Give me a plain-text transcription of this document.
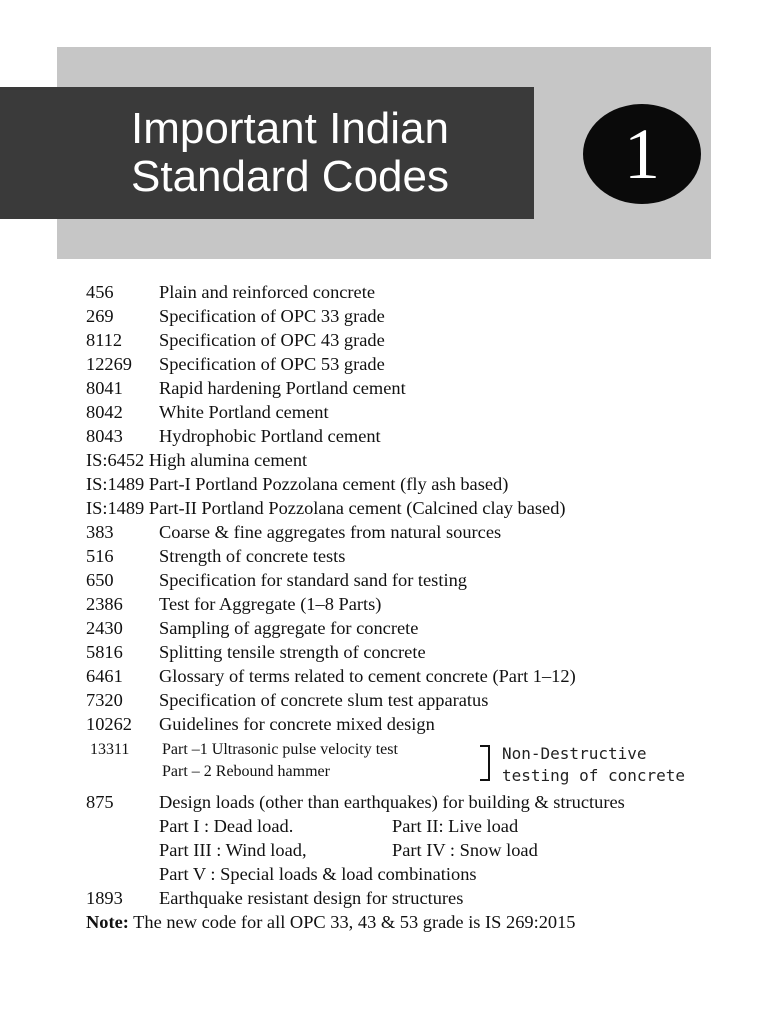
Important Indian
Standard Codes	1
456 Plain and reinforced concrete
269 Specification of OPC 33 grade
8112 Specification of OPC 43 grade
12269 Specification of OPC 53 grade
8041 Rapid hardening Portland cement
8042 White Portland cement
8043 Hydrophobic Portland cement
IS:6452 High alumina cement
IS:1489 Part-I Portland Pozzolana cement (fly ash based)
IS:1489 Part-II Portland Pozzolana cement (Calcined clay based)
383 Coarse & fine aggregates from natural sources
516 Strength of concrete tests
650 Specification for standard sand for testing
2386 Test for Aggregate (1–8 Parts)
2430 Sampling of aggregate for concrete
5816 Splitting tensile strength of concrete
6461 Glossary of terms related to cement concrete (Part 1–12)
7320 Specification of concrete slum test apparatus
10262 Guidelines for concrete mixed design
13311 Part –1 Ultrasonic pulse velocity test
Part – 2 Rebound hammer
Non-Destructive
testing of concrete
875 Design loads (other than earthquakes) for building & structures
Part I : Dead load.	Part II: Live load
Part III : Wind load,	Part IV : Snow load
Part V : Special loads & load combinations
1893 Earthquake resistant design for structures
Note: The new code for all OPC 33, 43 & 53 grade is IS 269:2015
